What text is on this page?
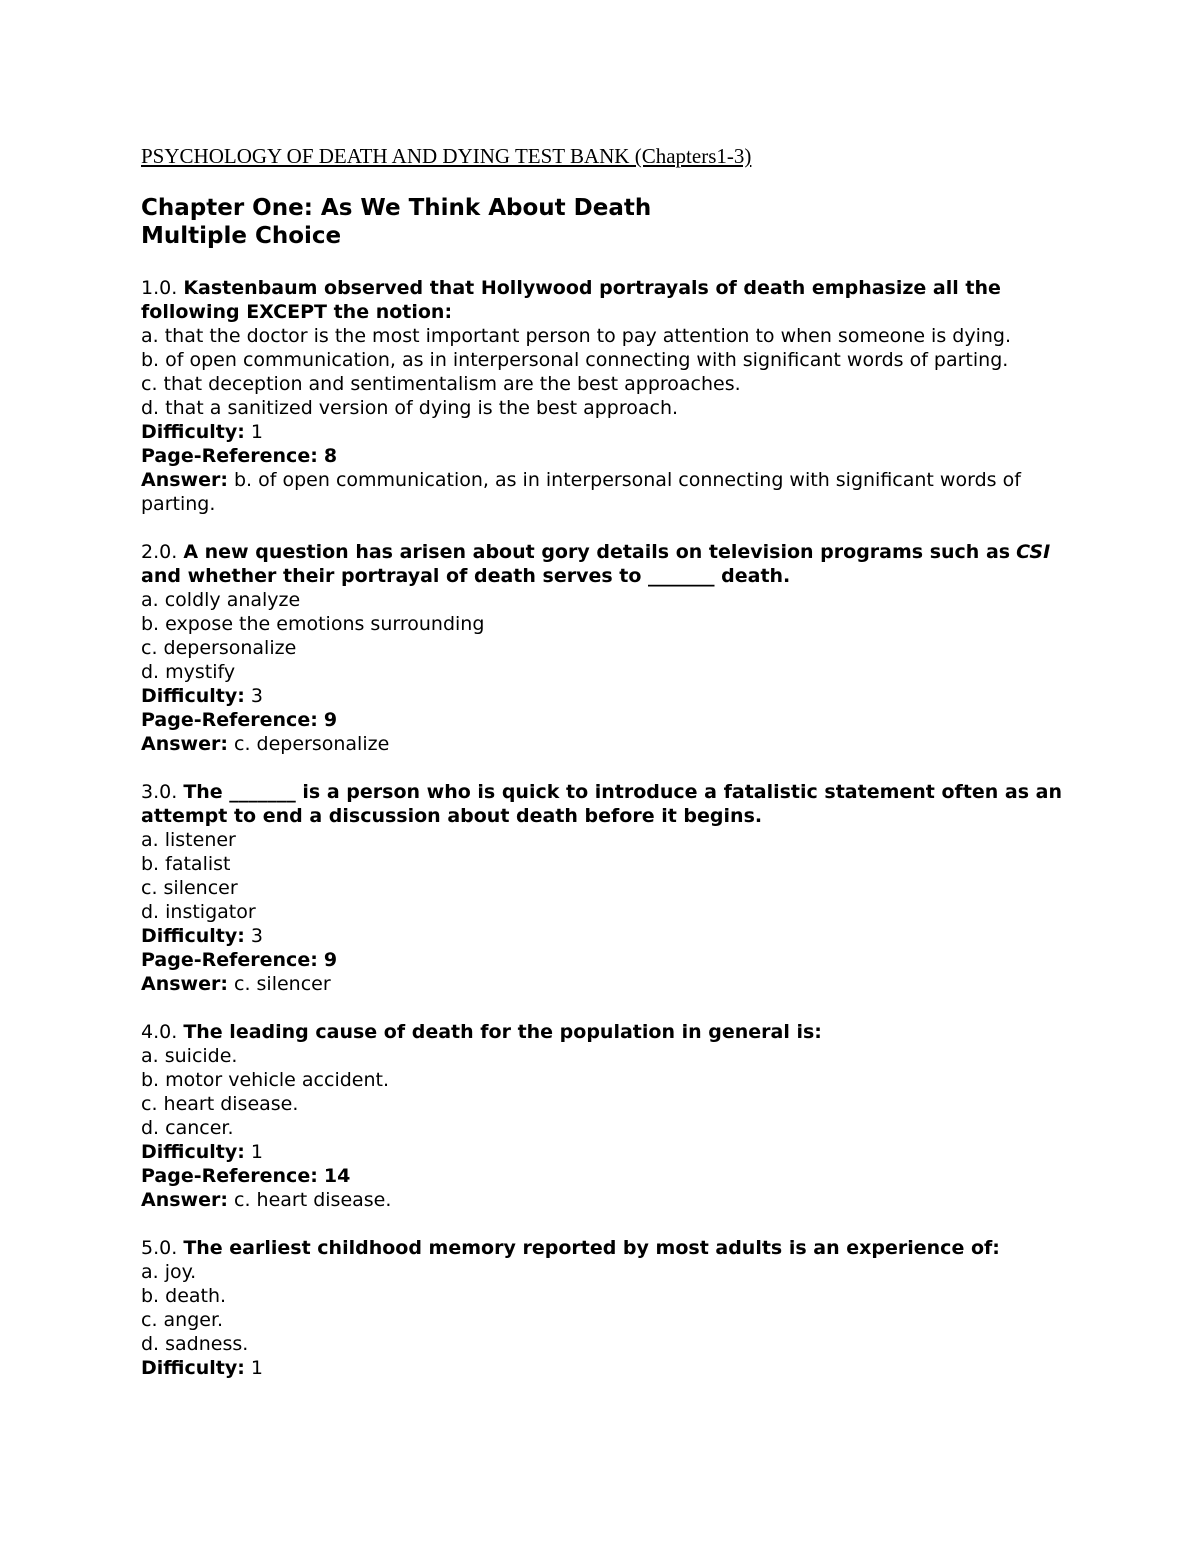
PSYCHOLOGY OF DEATH AND DYING TEST BANK (Chapters1-3)
Chapter One: As We Think About Death
Multiple Choice

1.0. Kastenbaum observed that Hollywood portrayals of death emphasize all the following EXCEPT the notion:

a. that the doctor is the most important person to pay attention to when someone is dying.

b. of open communication, as in interpersonal connecting with significant words of parting.

c. that deception and sentimentalism are the best approaches.

d. that a sanitized version of dying is the best approach.

Difficulty: 1

Page-Reference: 8

Answer: b. of open communication, as in interpersonal connecting with significant words of parting.

2.0. A new question has arisen about gory details on television programs such as CSI and whether their portrayal of death serves to _______ death.

a. coldly analyze

b. expose the emotions surrounding

c. depersonalize

d. mystify

Difficulty: 3

Page-Reference: 9

Answer: c. depersonalize

3.0. The _______ is a person who is quick to introduce a fatalistic statement often as an attempt to end a discussion about death before it begins.

a. listener

b. fatalist

c. silencer

d. instigator

Difficulty: 3

Page-Reference: 9

Answer: c. silencer

4.0. The leading cause of death for the population in general is:

a. suicide.

b. motor vehicle accident.

c. heart disease.

d. cancer.

Difficulty: 1

Page-Reference: 14

Answer: c. heart disease.

5.0. The earliest childhood memory reported by most adults is an experience of:

a. joy.

b. death.

c. anger.

d. sadness.

Difficulty: 1
